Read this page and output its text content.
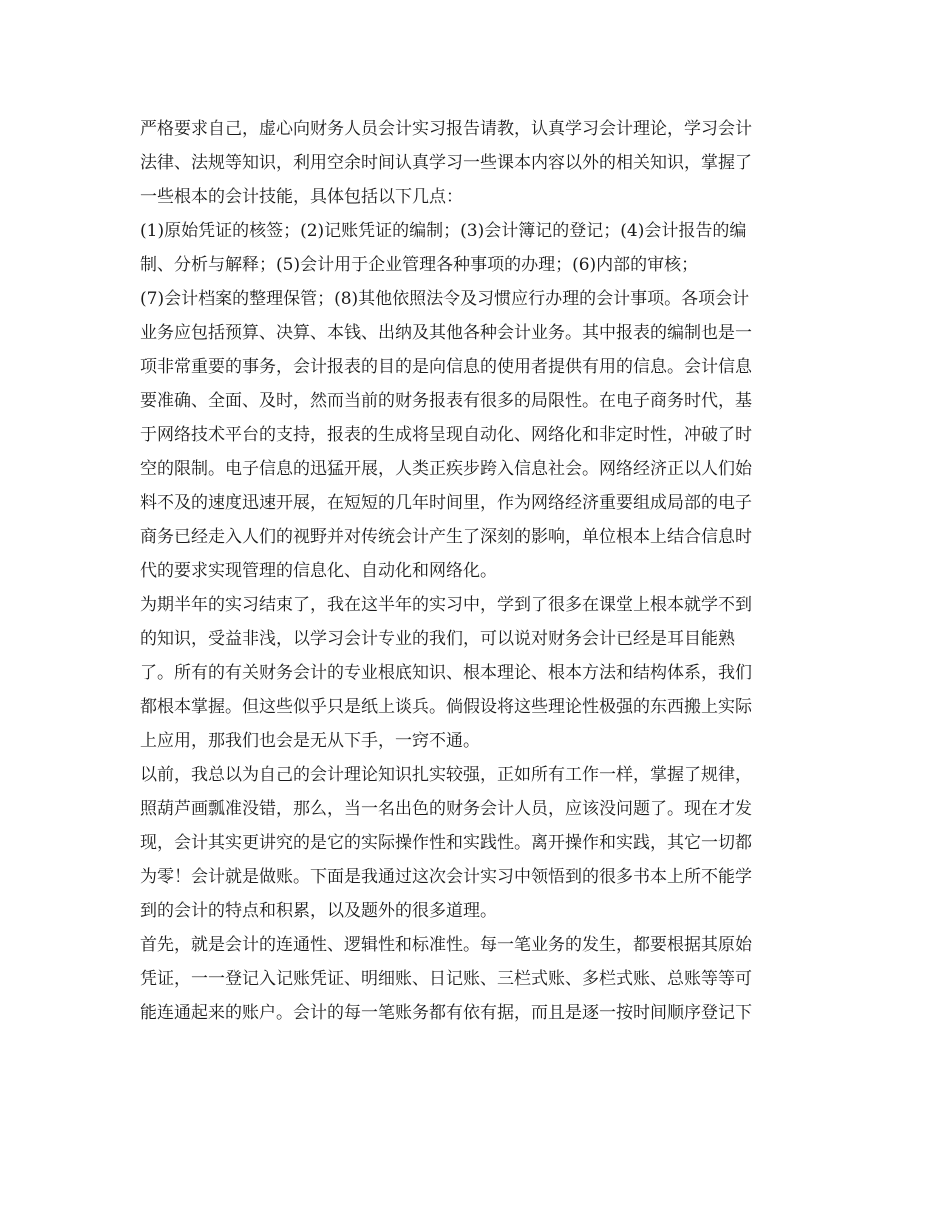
严格要求自己，虚心向财务人员会计实习报告请教，认真学习会计理论，学习会计
法律、法规等知识，利用空余时间认真学习一些课本内容以外的相关知识，掌握了
一些根本的会计技能，具体包括以下几点：
(1)原始凭证的核签；(2)记账凭证的编制；(3)会计簿记的登记；(4)会计报告的编
制、分析与解释；(5)会计用于企业管理各种事项的办理；(6)内部的审核；
(7)会计档案的整理保管；(8)其他依照法令及习惯应行办理的会计事项。各项会计
业务应包括预算、决算、本钱、出纳及其他各种会计业务。其中报表的编制也是一
项非常重要的事务，会计报表的目的是向信息的使用者提供有用的信息。会计信息
要准确、全面、及时，然而当前的财务报表有很多的局限性。在电子商务时代，基
于网络技术平台的支持，报表的生成将呈现自动化、网络化和非定时性，冲破了时
空的限制。电子信息的迅猛开展，人类正疾步跨入信息社会。网络经济正以人们始
料不及的速度迅速开展，在短短的几年时间里，作为网络经济重要组成局部的电子
商务已经走入人们的视野并对传统会计产生了深刻的影响，单位根本上结合信息时
代的要求实现管理的信息化、自动化和网络化。
为期半年的实习结束了，我在这半年的实习中，学到了很多在课堂上根本就学不到
的知识，受益非浅，以学习会计专业的我们，可以说对财务会计已经是耳目能熟
了。所有的有关财务会计的专业根底知识、根本理论、根本方法和结构体系，我们
都根本掌握。但这些似乎只是纸上谈兵。倘假设将这些理论性极强的东西搬上实际
上应用，那我们也会是无从下手，一窍不通。
以前，我总以为自己的会计理论知识扎实较强，正如所有工作一样，掌握了规律，
照葫芦画瓢准没错，那么，当一名出色的财务会计人员，应该没问题了。现在才发
现，会计其实更讲究的是它的实际操作性和实践性。离开操作和实践，其它一切都
为零！会计就是做账。下面是我通过这次会计实习中领悟到的很多书本上所不能学
到的会计的特点和积累，以及题外的很多道理。
首先，就是会计的连通性、逻辑性和标准性。每一笔业务的发生，都要根据其原始
凭证，一一登记入记账凭证、明细账、日记账、三栏式账、多栏式账、总账等等可
能连通起来的账户。会计的每一笔账务都有依有据，而且是逐一按时间顺序登记下
